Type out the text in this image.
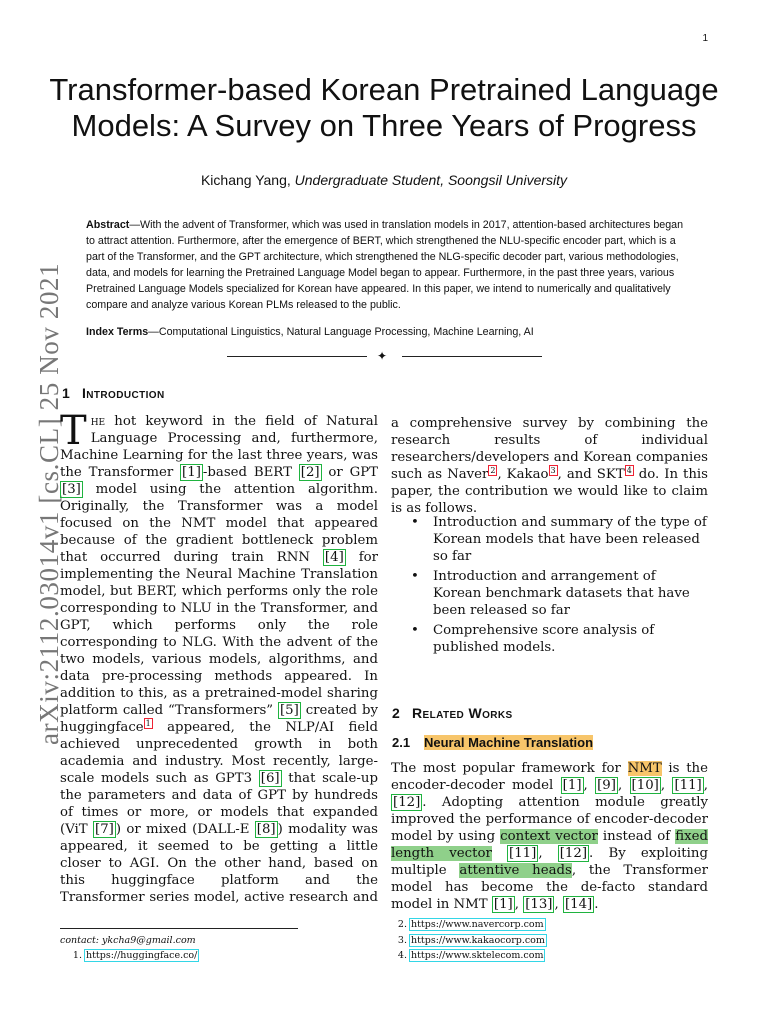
1
arXiv:2112.03014v1 [cs.CL] 25 Nov 2021
Transformer-based Korean Pretrained Language
Models: A Survey on Three Years of Progress
Kichang Yang, Undergraduate Student, Soongsil University
Abstract—With the advent of Transformer, which was used in translation models in 2017, attention-based architectures began to attract attention. Furthermore, after the emergence of BERT, which strengthened the NLU-specific encoder part, which is a part of the Transformer, and the GPT architecture, which strengthened the NLG-specific decoder part, various methodologies, data, and models for learning the Pretrained Language Model began to appear. Furthermore, in the past three years, various Pretrained Language Models specialized for Korean have appeared. In this paper, we intend to numerically and qualitatively compare and analyze various Korean PLMs released to the public.
Index Terms—Computational Linguistics, Natural Language Processing, Machine Learning, AI
✦
1 Introduction
The hot keyword in the field of Natural Language Processing and, furthermore, Machine Learning for the last three years, was the Transformer [1] -based BERT [2] or GPT [3] model using the attention algorithm. Originally, the Transformer was a model focused on the NMT model that appeared because of the gradient bottleneck problem that occurred during train RNN [4] for implementing the Neural Machine Translation model, but BERT, which performs only the role corresponding to NLU in the Transformer, and GPT, which performs only the role corresponding to NLG. With the advent of the two models, various models, algorithms, and data pre-processing methods appeared. In addition to this, as a pretrained-model sharing platform called “Transformers” [5] created by huggingface $^1$ appeared, the NLP/AI field achieved unprecedented growth in both academia and industry. Most recently, large-scale models such as GPT3 [6] that scale-up the parameters and data of GPT by hundreds of times or more, or models that expanded (ViT [7] ) or mixed (DALL-E [8] ) modality was appeared, it seemed to be getting a little closer to AGI. On the other hand, based on this huggingface platform and the Transformer series model, active research and
a comprehensive survey by combining the research results of individual researchers/developers and Korean companies such as Naver $^2$ , Kakao $^3$ , and SKT $^4$ do. In this paper, the contribution we would like to claim is as follows.
• Introduction and summary of the type of Korean models that have been released so far
• Introduction and arrangement of Korean benchmark datasets that have been released so far
• Comprehensive score analysis of published models.
2 Related Works
2.1 Neural Machine Translation
The most popular framework for NMT is the encoder-decoder model [1] , [9] , [10] , [11] , [12] . Adopting attention module greatly improved the performance of encoder-decoder model by using context vector instead of fixed length vector [11] , [12] . By exploiting multiple attentive heads, the Transformer model has become the de-facto standard model in NMT [1] , [13] , [14] .
contact: ykcha9@gmail.com
1. https://huggingface.co/
2. https://www.navercorp.com
3. https://www.kakaocorp.com
4. https://www.sktelecom.com
